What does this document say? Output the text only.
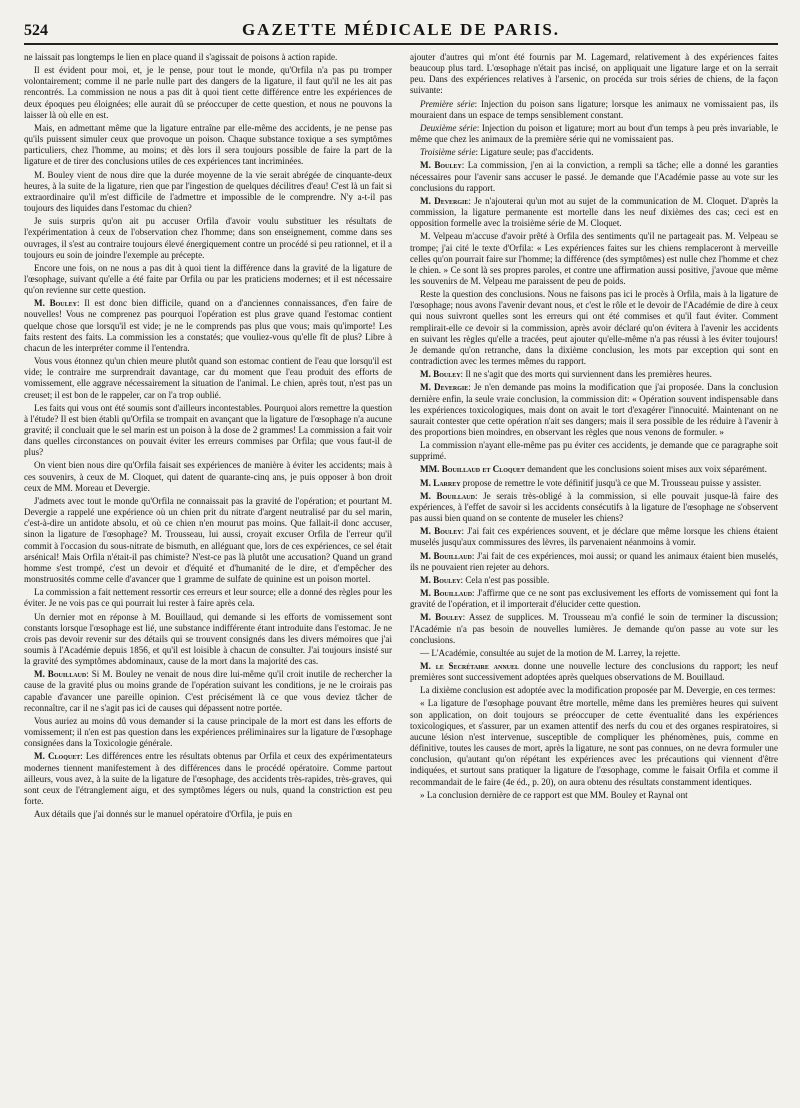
524	GAZETTE MÉDICALE DE PARIS.

ne laissait pas longtemps le lien en place quand il s'agissait de poisons à action rapide.

Il est évident pour moi, et, je le pense, pour tout le monde, qu'Orfila n'a pas pu tromper volontairement; comme il ne parle nulle part des dangers de la ligature, il faut qu'il ne les ait pas rencontrés. La commission ne nous a pas dit à quoi tient cette différence entre les expériences de deux époques peu éloignées; elle aurait dû se préoccuper de cette question, et nous ne pouvons la laisser là où elle en est.

Mais, en admettant même que la ligature entraîne par elle-même des accidents, je ne pense pas qu'ils puissent simuler ceux que provoque un poison. Chaque substance toxique a ses symptômes particuliers, chez l'homme, au moins; et dès lors il sera toujours possible de faire la part de la ligature et de tirer des conclusions utiles de ces expériences tant incriminées.

M. Bouley vient de nous dire que la durée moyenne de la vie serait abrégée de cinquante-deux heures, à la suite de la ligature, rien que par l'ingestion de quelques décilitres d'eau! C'est là un fait si extraordinaire qu'il m'est difficile de l'admettre et impossible de le comprendre. N'y a-t-il pas toujours des liquides dans l'estomac du chien?

Je suis surpris qu'on ait pu accuser Orfila d'avoir voulu substituer les résultats de l'expérimentation à ceux de l'observation chez l'homme; dans son enseignement, comme dans ses ouvrages, il s'est au contraire toujours élevé énergiquement contre un procédé si peu rationnel, et il a toujours eu soin de joindre l'exemple au précepte.

Encore une fois, on ne nous a pas dit à quoi tient la différence dans la gravité de la ligature de l'œsophage, suivant qu'elle a été faite par Orfila ou par les praticiens modernes; et il est nécessaire qu'on revienne sur cette question.

M. Bouley: Il est donc bien difficile, quand on a d'anciennes connaissances, d'en faire de nouvelles! Vous ne comprenez pas pourquoi l'opération est plus grave quand l'estomac contient quelque chose que lorsqu'il est vide; je ne le comprends pas plus que vous; mais qu'importe! Les faits restent des faits. La commission les a constatés; que vouliez-vous qu'elle fît de plus? Libre à chacun de les interpréter comme il l'entendra.

Vous vous étonnez qu'un chien meure plutôt quand son estomac contient de l'eau que lorsqu'il est vide; le contraire me surprendrait davantage, car du moment que l'eau produit des efforts de vomissement, elle aggrave nécessairement la situation de l'animal. Le chien, après tout, n'est pas un creuset; il est bon de le rappeler, car on l'a trop oublié.

Les faits qui vous ont été soumis sont d'ailleurs incontestables. Pourquoi alors remettre la question à l'étude? Il est bien établi qu'Orfila se trompait en avançant que la ligature de l'œsophage n'a aucune gravité; il concluait que le sel marin est un poison à la dose de 2 grammes! La commission a fait voir dans quelles circonstances on pouvait éviter les erreurs commises par Orfila; que vous faut-il de plus?

On vient bien nous dire qu'Orfila faisait ses expériences de manière à éviter les accidents; mais à ces souvenirs, à ceux de M. Cloquet, qui datent de quarante-cinq ans, je puis opposer à bon droit ceux de MM. Moreau et Devergie.

J'admets avec tout le monde qu'Orfila ne connaissait pas la gravité de l'opération; et pourtant M. Devergie a rappelé une expérience où un chien prit du nitrate d'argent neutralisé par du sel marin, c'est-à-dire un antidote absolu, et où ce chien n'en mourut pas moins. Que fallait-il donc accuser, sinon la ligature de l'œsophage? M. Trousseau, lui aussi, croyait excuser Orfila de l'erreur qu'il commit à l'occasion du sous-nitrate de bismuth, en alléguant que, lors de ces expériences, ce sel était arsénical! Mais Orfila n'était-il pas chimiste? N'est-ce pas là plutôt une accusation? Quand un grand homme s'est trompé, c'est un devoir et d'équité et d'humanité de le dire, et d'empêcher des monstruosités comme celle d'avancer que 1 gramme de sulfate de quinine est un poison mortel.

La commission a fait nettement ressortir ces erreurs et leur source; elle a donné des règles pour les éviter. Je ne vois pas ce qui pourrait lui rester à faire après cela.

Un dernier mot en réponse à M. Bouillaud, qui demande si les efforts de vomissement sont constants lorsque l'œsophage est lié, une substance indifférente étant introduite dans l'estomac. Je ne crois pas devoir revenir sur des détails qui se trouvent consignés dans les divers mémoires que j'ai soumis à l'Académie depuis 1856, et qu'il est loisible à chacun de consulter. J'ai toujours insisté sur la gravité des symptômes abdominaux, cause de la mort dans la majorité des cas.

M. Bouillaud: Si M. Bouley ne venait de nous dire lui-même qu'il croit inutile de rechercher la cause de la gravité plus ou moins grande de l'opération suivant les conditions, je ne le croirais pas capable d'avancer une pareille opinion. C'est précisément là ce que vous deviez tâcher de reconnaître, car il ne s'agit pas ici de causes qui dépassent notre portée.

Vous auriez au moins dû vous demander si la cause principale de la mort est dans les efforts de vomissement; il n'en est pas question dans les expériences préliminaires sur la ligature de l'œsophage consignées dans la Toxicologie générale.

M. Cloquet: Les différences entre les résultats obtenus par Orfila et ceux des expérimentateurs modernes tiennent manifestement à des différences dans le procédé opératoire. Comme partout ailleurs, vous avez, à la suite de la ligature de l'œsophage, des accidents très-rapides, très-graves, qui sont ceux de l'étranglement aigu, et des symptômes légers ou nuls, quand la constriction est peu forte.

Aux détails que j'ai donnés sur le manuel opératoire d'Orfila, je puis en

ajouter d'autres qui m'ont été fournis par M. Lagemard, relativement à des expériences faites beaucoup plus tard. L'œsophage n'était pas incisé, on appliquait une ligature large et on la serrait peu. Dans des expériences relatives à l'arsenic, on procéda sur trois séries de chiens, de la façon suivante:

Première série: Injection du poison sans ligature; lorsque les animaux ne vomissaient pas, ils mouraient dans un espace de temps sensiblement constant.

Deuxième série: Injection du poison et ligature; mort au bout d'un temps à peu près invariable, le même que chez les animaux de la première série qui ne vomissaient pas.

Troisième série: Ligature seule; pas d'accidents.

M. Bouley: La commission, j'en ai la conviction, a rempli sa tâche; elle a donné les garanties nécessaires pour l'avenir sans accuser le passé. Je demande que l'Académie passe au vote sur les conclusions du rapport.

M. Devergie: Je n'ajouterai qu'un mot au sujet de la communication de M. Cloquet. D'après la commission, la ligature permanente est mortelle dans les neuf dixièmes des cas; ceci est en opposition formelle avec la troisième série de M. Cloquet.

M. Velpeau m'accuse d'avoir prêté à Orfila des sentiments qu'il ne partageait pas. M. Velpeau se trompe; j'ai cité le texte d'Orfila: « Les expériences faites sur les chiens remplaceront à merveille celles qu'on pourrait faire sur l'homme; la différence (des symptômes) est nulle chez l'homme et chez le chien. » Ce sont là ses propres paroles, et contre une affirmation aussi positive, j'avoue que même les souvenirs de M. Velpeau me paraissent de peu de poids.

Reste la question des conclusions. Nous ne faisons pas ici le procès à Orfila, mais à la ligature de l'œsophage; nous avons l'avenir devant nous, et c'est le rôle et le devoir de l'Académie de dire à ceux qui nous suivront quelles sont les erreurs qui ont été commises et qu'il faut éviter. Comment remplirait-elle ce devoir si la commission, après avoir déclaré qu'on évitera à l'avenir les accidents en suivant les règles qu'elle a tracées, peut ajouter qu'elle-même n'a pas réussi à les éviter toujours! Je demande qu'on retranche, dans la dixième conclusion, les mots par exception qui sont en contradiction avec les termes mêmes du rapport.

M. Bouley: Il ne s'agit que des morts qui surviennent dans les premières heures.

M. Devergie: Je n'en demande pas moins la modification que j'ai proposée. Dans la conclusion dernière enfin, la seule vraie conclusion, la commission dit: « Opération souvent indispensable dans les expériences toxicologiques, mais dont on avait le tort d'exagérer l'innocuité. Maintenant on ne saurait contester que cette opération n'ait ses dangers; mais il sera possible de les réduire à l'avenir à des proportions bien moindres, en observant les règles que nous venons de formuler. »

La commission n'ayant elle-même pas pu éviter ces accidents, je demande que ce paragraphe soit supprimé.

MM. Bouillaud et Cloquet demandent que les conclusions soient mises aux voix séparément.

M. Larrey propose de remettre le vote définitif jusqu'à ce que M. Trousseau puisse y assister.

M. Bouillaud: Je serais très-obligé à la commission, si elle pouvait jusque-là faire des expériences, à l'effet de savoir si les accidents consécutifs à la ligature de l'œsophage ne s'observent pas aussi bien quand on se contente de museler les chiens?

M. Bouley: J'ai fait ces expériences souvent, et je déclare que même lorsque les chiens étaient muselés jusqu'aux commissures des lèvres, ils parvenaient néanmoins à vomir.

M. Bouillaud: J'ai fait de ces expériences, moi aussi; or quand les animaux étaient bien muselés, ils ne pouvaient rien rejeter au dehors.

M. Bouley: Cela n'est pas possible.

M. Bouillaud: J'affirme que ce ne sont pas exclusivement les efforts de vomissement qui font la gravité de l'opération, et il importerait d'élucider cette question.

M. Bouley: Assez de supplices. M. Trousseau m'a confié le soin de terminer la discussion; l'Académie n'a pas besoin de nouvelles lumières. Je demande qu'on passe au vote sur les conclusions.

— L'Académie, consultée au sujet de la motion de M. Larrey, la rejette.

M. le Secrétaire annuel donne une nouvelle lecture des conclusions du rapport; les neuf premières sont successivement adoptées après quelques observations de M. Bouillaud.

La dixième conclusion est adoptée avec la modification proposée par M. Devergie, en ces termes:

« La ligature de l'œsophage pouvant être mortelle, même dans les premières heures qui suivent son application, on doit toujours se préoccuper de cette éventualité dans les expériences toxicologiques, et s'assurer, par un examen attentif des nerfs du cou et des organes respiratoires, si aucune lésion n'est intervenue, susceptible de compliquer les phénomènes, puis, comme en définitive, toutes les causes de mort, après la ligature, ne sont pas connues, on ne devra formuler une conclusion, qu'autant qu'on répétant les expériences avec les précautions qui viennent d'être indiquées, et surtout sans pratiquer la ligature de l'œsophage, comme le faisait Orfila et comme il recommandait de le faire (4e éd., p. 20), on aura obtenu des résultats constamment identiques.

» La conclusion dernière de ce rapport est que MM. Bouley et Raynal ont
